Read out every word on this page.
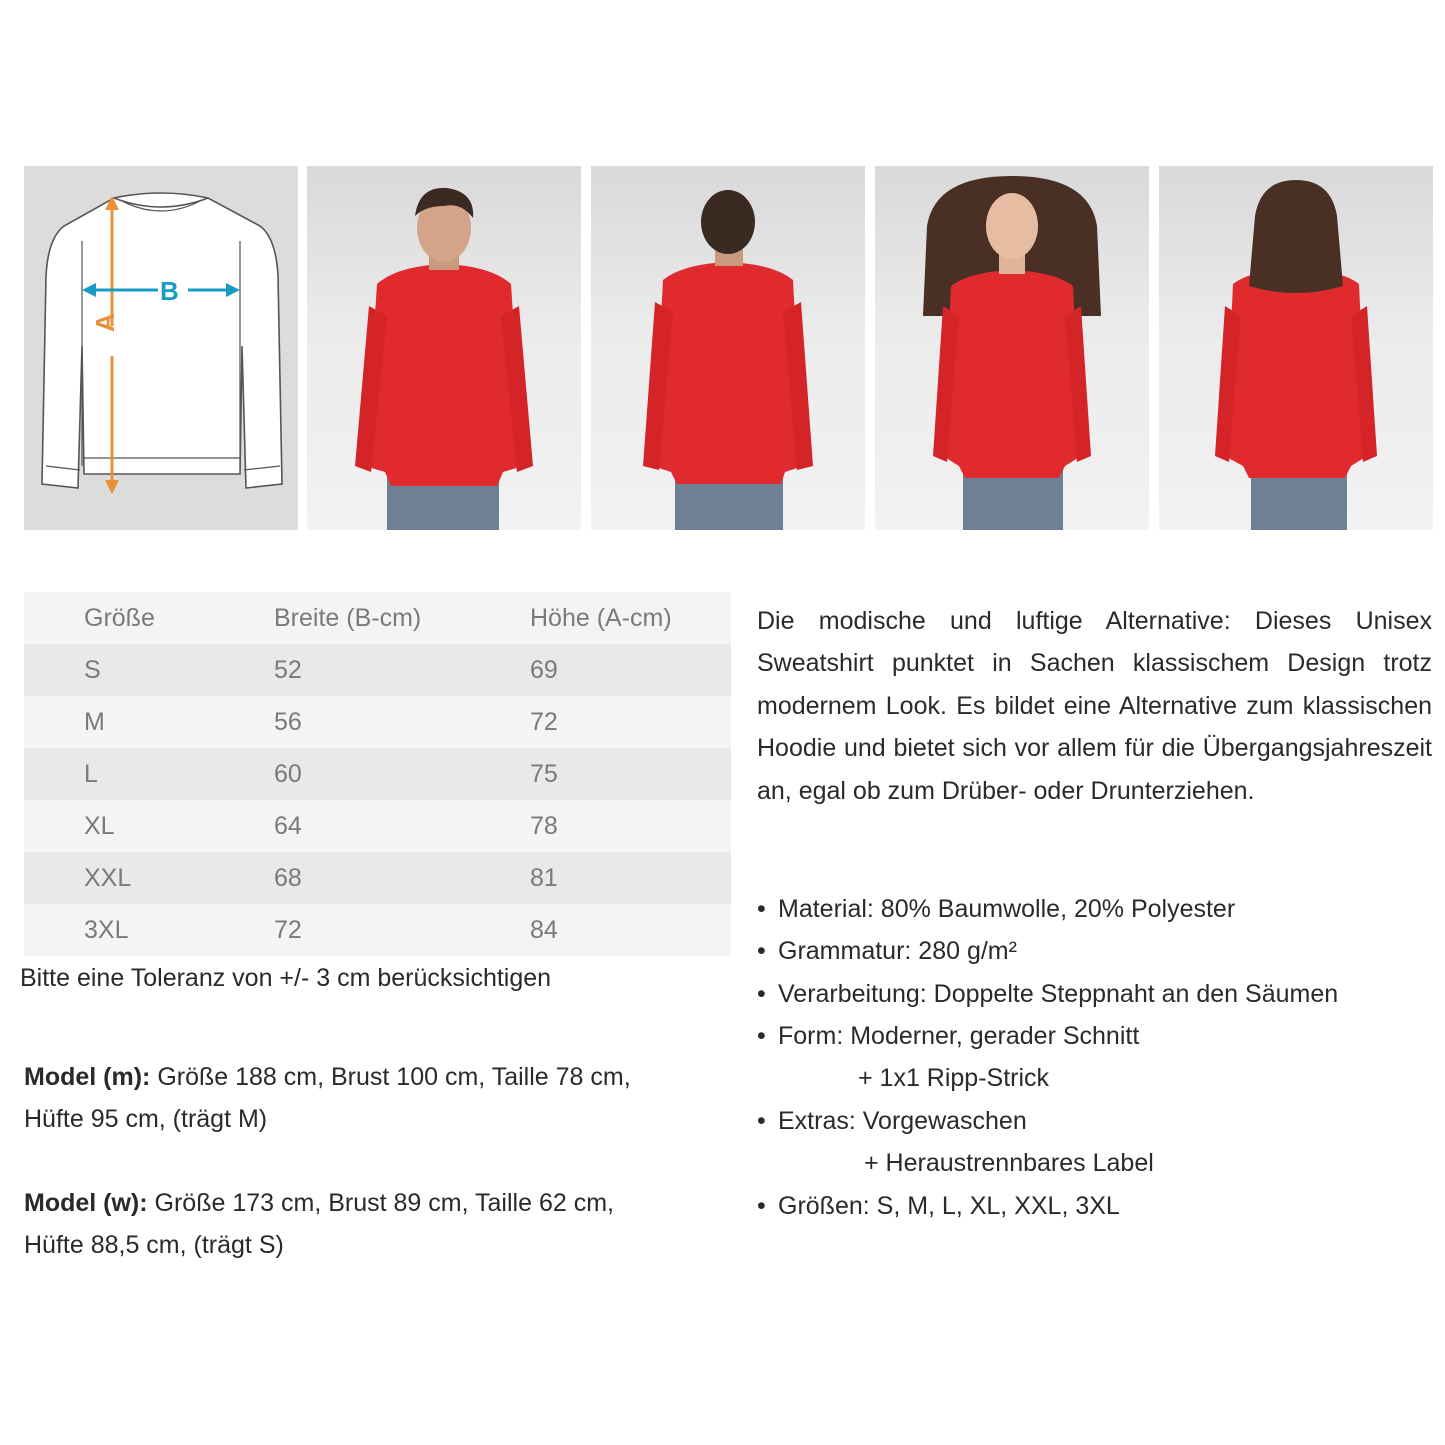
A
B
Größe	Breite (B-cm)	Höhe (A-cm)
S	52	69
M	56	72
L	60	75
XL	64	78
XXL	68	81
3XL	72	84
Bitte eine Toleranz von +/- 3 cm berücksichtigen
Model (m): Größe 188 cm, Brust 100 cm, Taille 78 cm,
Hüfte 95 cm, (trägt M)
Model (w): Größe 173 cm, Brust 89 cm, Taille 62 cm,
Hüfte 88,5 cm, (trägt S)
Die modische und luftige Alternative: Dieses Unisex Sweatshirt punktet in Sachen klassischem Design trotz modernem Look. Es bildet eine Alternative zum klassischen Hoodie und bietet sich vor allem für die Übergangsjahreszeit an, egal ob zum Drüber- oder Drunterziehen.
• Material: 80% Baumwolle, 20% Polyester
• Grammatur: 280 g/m²
• Verarbeitung: Doppelte Steppnaht an den Säumen
• Form: Moderner, gerader Schnitt
+ 1x1 Ripp-Strick
• Extras: Vorgewaschen
+ Heraustrennbares Label
• Größen: S, M, L, XL, XXL, 3XL
